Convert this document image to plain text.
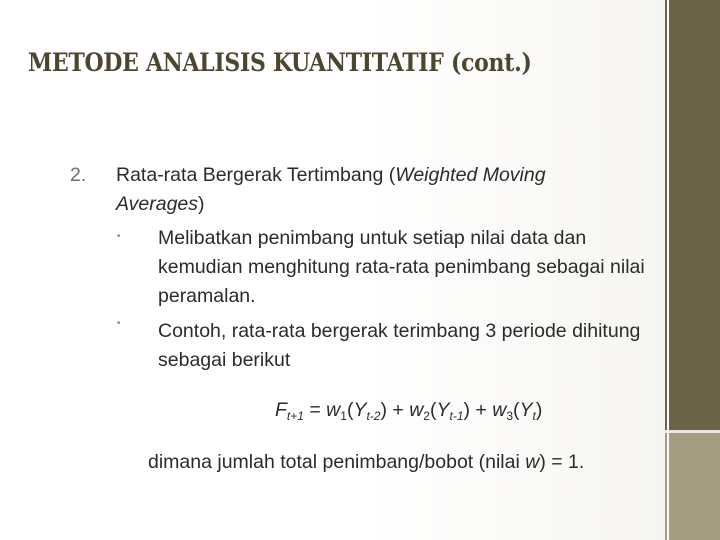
METODE ANALISIS KUANTITATIF (cont.)
2. Rata-rata Bergerak Tertimbang (Weighted Moving Averages)
• Melibatkan penimbang untuk setiap nilai data dan kemudian menghitung rata-rata penimbang sebagai nilai peramalan.
• Contoh, rata-rata bergerak terimbang 3 periode dihitung sebagai berikut
$F_{t+1} = w_1(Y_{t-2}) + w_2(Y_{t-1}) + w_3(Y_t)$
dimana jumlah total penimbang/bobot (nilai w) = 1.
